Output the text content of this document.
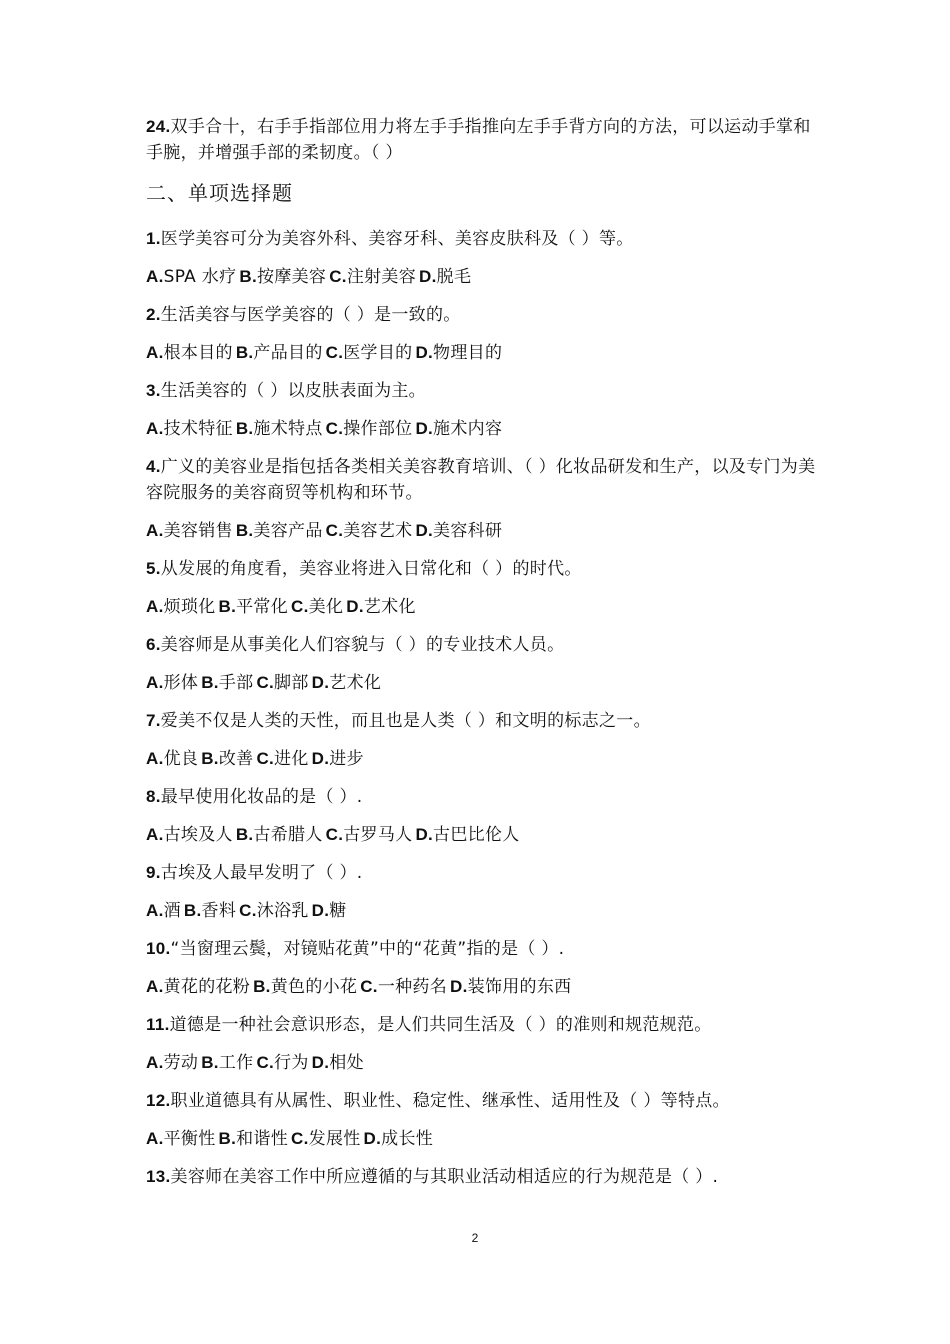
24.双手合十，右手手指部位用力将左手手指推向左手手背方向的方法，可以运动手掌和手腕，并增强手部的柔韧度。（ ）

二、单项选择题

1.医学美容可分为美容外科、美容牙科、美容皮肤科及（ ）等。

A.SPA 水疗 B.按摩美容 C.注射美容 D.脱毛

2.生活美容与医学美容的（ ）是一致的。

A.根本目的 B.产品目的 C.医学目的 D.物理目的

3.生活美容的（ ）以皮肤表面为主。

A.技术特征 B.施术特点 C.操作部位 D.施术内容

4.广义的美容业是指包括各类相关美容教育培训、（ ）化妆品研发和生产，以及专门为美容院服务的美容商贸等机构和环节。

A.美容销售 B.美容产品 C.美容艺术 D.美容科研

5.从发展的角度看，美容业将进入日常化和（ ）的时代。

A.烦琐化 B.平常化 C.美化 D.艺术化

6.美容师是从事美化人们容貌与（ ）的专业技术人员。

A.形体 B.手部 C.脚部 D.艺术化

7.爱美不仅是人类的天性，而且也是人类（ ）和文明的标志之一。

A.优良 B.改善 C.进化 D.进步

8.最早使用化妆品的是（ ）.

A.古埃及人 B.古希腊人 C.古罗马人 D.古巴比伦人

9.古埃及人最早发明了（ ）.

A.酒 B.香料 C.沐浴乳 D.糖

10.“当窗理云鬓，对镜贴花黄”中的“花黄”指的是（ ）.

A.黄花的花粉 B.黄色的小花 C.一种药名 D.装饰用的东西

11.道德是一种社会意识形态，是人们共同生活及（ ）的准则和规范规范。

A.劳动 B.工作 C.行为 D.相处

12.职业道德具有从属性、职业性、稳定性、继承性、适用性及（ ）等特点。

A.平衡性 B.和谐性 C.发展性 D.成长性

13.美容师在美容工作中所应遵循的与其职业活动相适应的行为规范是（ ）.

2
